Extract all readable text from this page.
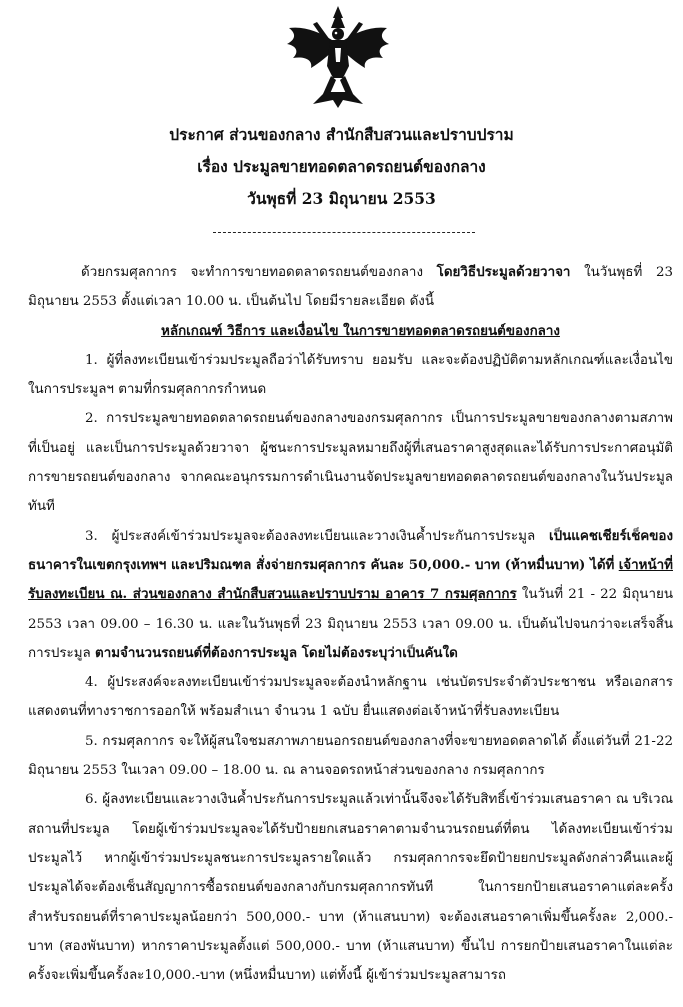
ประกาศ ส่วนของกลาง สำนักสืบสวนและปราบปราม
เรื่อง ประมูลขายทอดตลาดรถยนต์ของกลาง
วันพุธที่ 23 มิถุนายน 2553

ด้วยกรมศุลกากร จะทำการขายทอดตลาดรถยนต์ของกลาง โดยวิธีประมูลด้วยวาจา ในวันพุธที่ 23 มิถุนายน 2553 ตั้งแต่เวลา 10.00 น. เป็นต้นไป โดยมีรายละเอียด ดังนี้

หลักเกณฑ์ วิธีการ และเงื่อนไข ในการขายทอดตลาดรถยนต์ของกลาง

1. ผู้ที่ลงทะเบียนเข้าร่วมประมูลถือว่าได้รับทราบ ยอมรับ และจะต้องปฏิบัติตามหลักเกณฑ์และเงื่อนไขในการประมูลฯ ตามที่กรมศุลกากรกำหนด

2. การประมูลขายทอดตลาดรถยนต์ของกลางของกรมศุลกากร เป็นการประมูลขายของกลางตามสภาพที่เป็นอยู่ และเป็นการประมูลด้วยวาจา ผู้ชนะการประมูลหมายถึงผู้ที่เสนอราคาสูงสุดและได้รับการประกาศอนุมัติการขายรถยนต์ของกลาง จากคณะอนุกรรมการดำเนินงานจัดประมูลขายทอดตลาดรถยนต์ของกลางในวันประมูลทันที

3. ผู้ประสงค์เข้าร่วมประมูลจะต้องลงทะเบียนและวางเงินค้ำประกันการประมูล เป็นแคชเชียร์เช็คของธนาคารในเขตกรุงเทพฯ และปริมณฑล สั่งจ่ายกรมศุลกากร คันละ 50,000.- บาท (ห้าหมื่นบาท) ได้ที่ เจ้าหน้าที่รับลงทะเบียน ณ. ส่วนของกลาง สำนักสืบสวนและปราบปราม อาคาร 7 กรมศุลกากร ในวันที่ 21 - 22 มิถุนายน 2553 เวลา 09.00 – 16.30 น. และในวันพุธที่ 23 มิถุนายน 2553 เวลา 09.00 น. เป็นต้นไปจนกว่าจะเสร็จสิ้นการประมูล ตามจำนวนรถยนต์ที่ต้องการประมูล โดยไม่ต้องระบุว่าเป็นคันใด

4. ผู้ประสงค์จะลงทะเบียนเข้าร่วมประมูลจะต้องนำหลักฐาน เช่นบัตรประจำตัวประชาชน หรือเอกสารแสดงตนที่ทางราชการออกให้ พร้อมสำเนา จำนวน 1 ฉบับ ยื่นแสดงต่อเจ้าหน้าที่รับลงทะเบียน

5. กรมศุลกากร จะให้ผู้สนใจชมสภาพภายนอกรถยนต์ของกลางที่จะขายทอดตลาดได้ ตั้งแต่วันที่ 21-22 มิถุนายน 2553 ในเวลา 09.00 – 18.00 น. ณ ลานจอดรถหน้าส่วนของกลาง กรมศุลกากร

6. ผู้ลงทะเบียนและวางเงินค้ำประกันการประมูลแล้วเท่านั้นจึงจะได้รับสิทธิ์เข้าร่วมเสนอราคา ณ บริเวณสถานที่ประมูล โดยผู้เข้าร่วมประมูลจะได้รับป้ายยกเสนอราคาตามจำนวนรถยนต์ที่ตน ได้ลงทะเบียนเข้าร่วมประมูลไว้ หากผู้เข้าร่วมประมูลชนะการประมูลรายใดแล้ว กรมศุลกากรจะยึดป้ายยกประมูลดังกล่าวคืนและผู้ประมูลได้จะต้องเซ็นสัญญาการซื้อรถยนต์ของกลางกับกรมศุลกากรทันที ในการยกป้ายเสนอราคาแต่ละครั้ง สำหรับรถยนต์ที่ราคาประมูลน้อยกว่า 500,000.- บาท (ห้าแสนบาท) จะต้องเสนอราคาเพิ่มขึ้นครั้งละ 2,000.-บาท (สองพันบาท) หากราคาประมูลตั้งแต่ 500,000.- บาท (ห้าแสนบาท) ขึ้นไป การยกป้ายเสนอราคาในแต่ละครั้งจะเพิ่มขึ้นครั้งละ10,000.-บาท (หนึ่งหมื่นบาท) แต่ทั้งนี้ ผู้เข้าร่วมประมูลสามารถ
